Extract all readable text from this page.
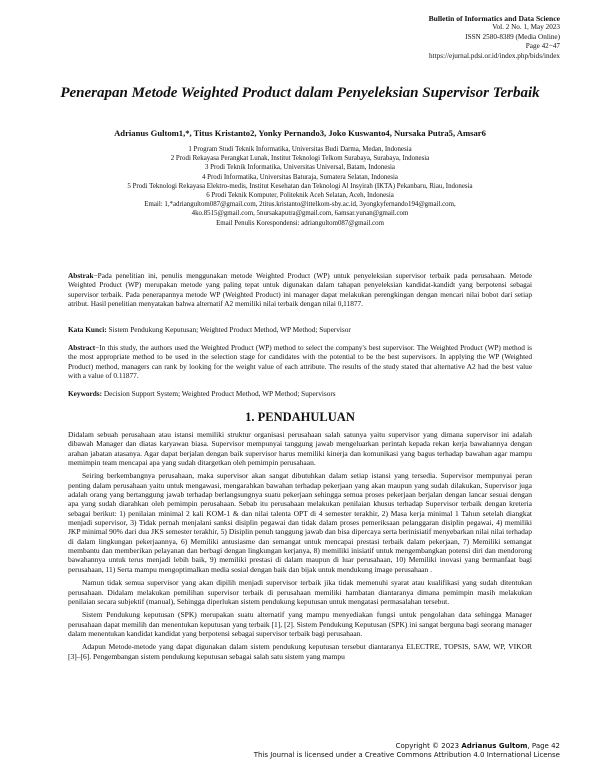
Bulletin of Informatics and Data Science
Vol. 2 No. 1, May 2023
ISSN 2580-8389 (Media Online)
Page 42−47
https://ejurnal.pdsi.or.id/index.php/bids/index
Penerapan Metode Weighted Product dalam Penyeleksian Supervisor Terbaik
Adrianus Gultom1,*, Titus Kristanto2, Yonky Pernando3, Joko Kuswanto4, Nursaka Putra5, Amsar6
1 Program Studi Teknik Informatika, Universitas Budi Darma, Medan, Indonesia
2 Prodi Rekayasa Perangkat Lunak, Institut Teknologi Telkom Surabaya, Surabaya, Indonesia
3 Prodi Teknik Informatika, Universitas Universal, Batam, Indonesia
4 Prodi Informatika, Universitas Baturaja, Sumatera Selatan, Indonesia
5 Prodi Teknologi Rekayasa Elektro-medis, Institut Kesehatan dan Teknologi Al Insyirah (IKTA) Pekanbaru, Riau, Indonesia
6 Prodi Teknik Komputer, Politeknik Aceh Selatan, Aceh, Indonesia
Email: 1,*adriangultom087@gmail.com, 2titus.kristanto@ittelkom-sby.ac.id, 3yongkyfernando194@gmail.com,
4ko.8515@gmail.com, 5nursakaputra@gmail.com, 6amsar.yunan@gmail.com
Email Penulis Korespondensi: adriangultom087@gmail.com
Abstrak−Pada penelitian ini, penulis menggunakan metode Weighted Product (WP) untuk penyeleksian supervisor terbaik pada perusahaan. Metode Weighted Product (WP) merupakan metode yang paling tepat untuk digunakan dalam tahapan penyeleksian kandidat-kandidt yang berpotensi sebagai supervisor terbaik. Pada penerapannya metode WP (Weighted Product) ini manager dapat melakukan perengkingan dengan mencari nilai bobot dari setiap atribut. Hasil penelitian menyatakan bahwa alternatif A2 memiliki nilai terbaik dengan nilai 0,11877.
Kata Kunci: Sistem Pendukung Keputusan; Weighted Product Method, WP Method; Supervisor
Abstract−In this study, the authors used the Weighted Product (WP) method to select the company's best supervisor. The Weighted Product (WP) method is the most appropriate method to be used in the selection stage for candidates with the potential to be the best supervisors. In applying the WP (Weighted Product) method, managers can rank by looking for the weight value of each attribute. The results of the study stated that alternative A2 had the best value with a value of 0.11877.
Keywords: Decision Support System; Weighted Product Method, WP Method; Supervisors
1. PENDAHULUAN

Didalam sebuah perusahaan atau istansi memiliki struktur organisasi perusahaan salah satunya yaitu supervisor yang dimana supervisor ini adalah dibawah Manager dan diatas karyawan biasa. Supervisor mempunyai tanggung jawab mengeluarkan perintah kepada rekan kerja bawahannya dengan arahan jabatan atasanya. Agar dapat berjalan dengan baik supervisor harus memiliki kinerja dan komunikasi yang bagus terhadap bawahan agar mampu memimpin team mencapai apa yang sudah ditargetkan oleh pemimpin perusahaan.

Seiring berkembangnya perusahaan, maka supervisor akan sangat dibutuhkan dalam setiap istansi yang tersedia. Supervisor mempunyai peran penting dalam perusahaan yaitu untuk mengawasi, mengarahkan bawahan terhadap pekerjaan yang akan maupun yang sudah dilakukan, Supervisor juga adalah orang yang bertanggung jawab terhadap berlangsungnya suatu pekerjaan sehingga semua proses pekerjaan berjalan dengan lancar sesuai dengan apa yang sudah diarahkan oleh pemimpin perusahaan. Sebab itu perusahaan melakukan penilaian khusus terhadap Supervisor terbaik dengan kreteria sebagai berikut: 1) penilaian minimal 2 kali KOM-1 & dan nilai talenta OPT di 4 semester terakhir, 2) Masa kerja minimal 1 Tahun setelah diangkat menjadi supervisor, 3) Tidak pernah menjalani sanksi disiplin pegawai dan tidak dalam proses pemeriksaan pelanggaran disiplin pegawai, 4) memiliki JKP minimal 90% dari dua JKS semester terakhir, 5) Disiplin penuh tanggung jawab dan bisa dipercaya serta berinisiatif menyebarkan nilai nilai terhadap di dalam lingkungan pekerjaannya, 6) Memiliki antusiasme dan semangat untuk mencapai prestasi terbaik dalam pekerjaan, 7) Memiliki semangat membantu dan memberikan pelayanan dan berbagi dengan lingkungan kerjanya, 8) memiliki inisiatif untuk mengembangkan potensi diri dan mendorong bawahannya untuk terus menjadi lebih baik, 9) memiliki prestasi di dalam maupun di luar perusahaan, 10) Memiliki inovasi yang bermanfaat bagi perusahaan, 11) Serta mampu mengoptimalkan media sosial dengan baik dan bijak untuk mendukung image perusahaan .

Namun tidak semua supervisor yang akan dipilih menjadi supervisor terbaik jika tidak memenuhi syarat atau kualifikasi yang sudah ditentukan perusahaan. Didalam melakukan pemilihan supervisor terbaik di perusahaan memiliki hambatan diantaranya dimana pemimpin masih melakukan penilaian secara subjektif (manual), Sehingga diperlukan sistem pendukung keputusan untuk mengatasi permasalahan tersebut.

Sistem Pendukung keputusan (SPK) merupakan suatu alternatif yang mampu menyediakan fungsi untuk pengolahan data sehingga Manager perusahaan dapat memilih dan menentukan keputusan yang terbaik [1], [2]. Sistem Pendukung Keputusan (SPK) ini sangat berguna bagi seorang manager dalam menentukan kandidat kandidat yang berpotensi sebagai supervisor terbaik bagi perusahaan.

Adapun Metode-metode yang dapat digunakan dalam sistem pendukung keputusan tersebut diantaranya ELECTRE, TOPSIS, SAW, WP, VIKOR [3]–[6]. Pengembangan sistem pendukung keputusan sebagai salah satu sistem yang mampu

Copyright © 2023 Adrianus Gultom, Page 42
This Journal is licensed under a Creative Commons Attribution 4.0 International License
